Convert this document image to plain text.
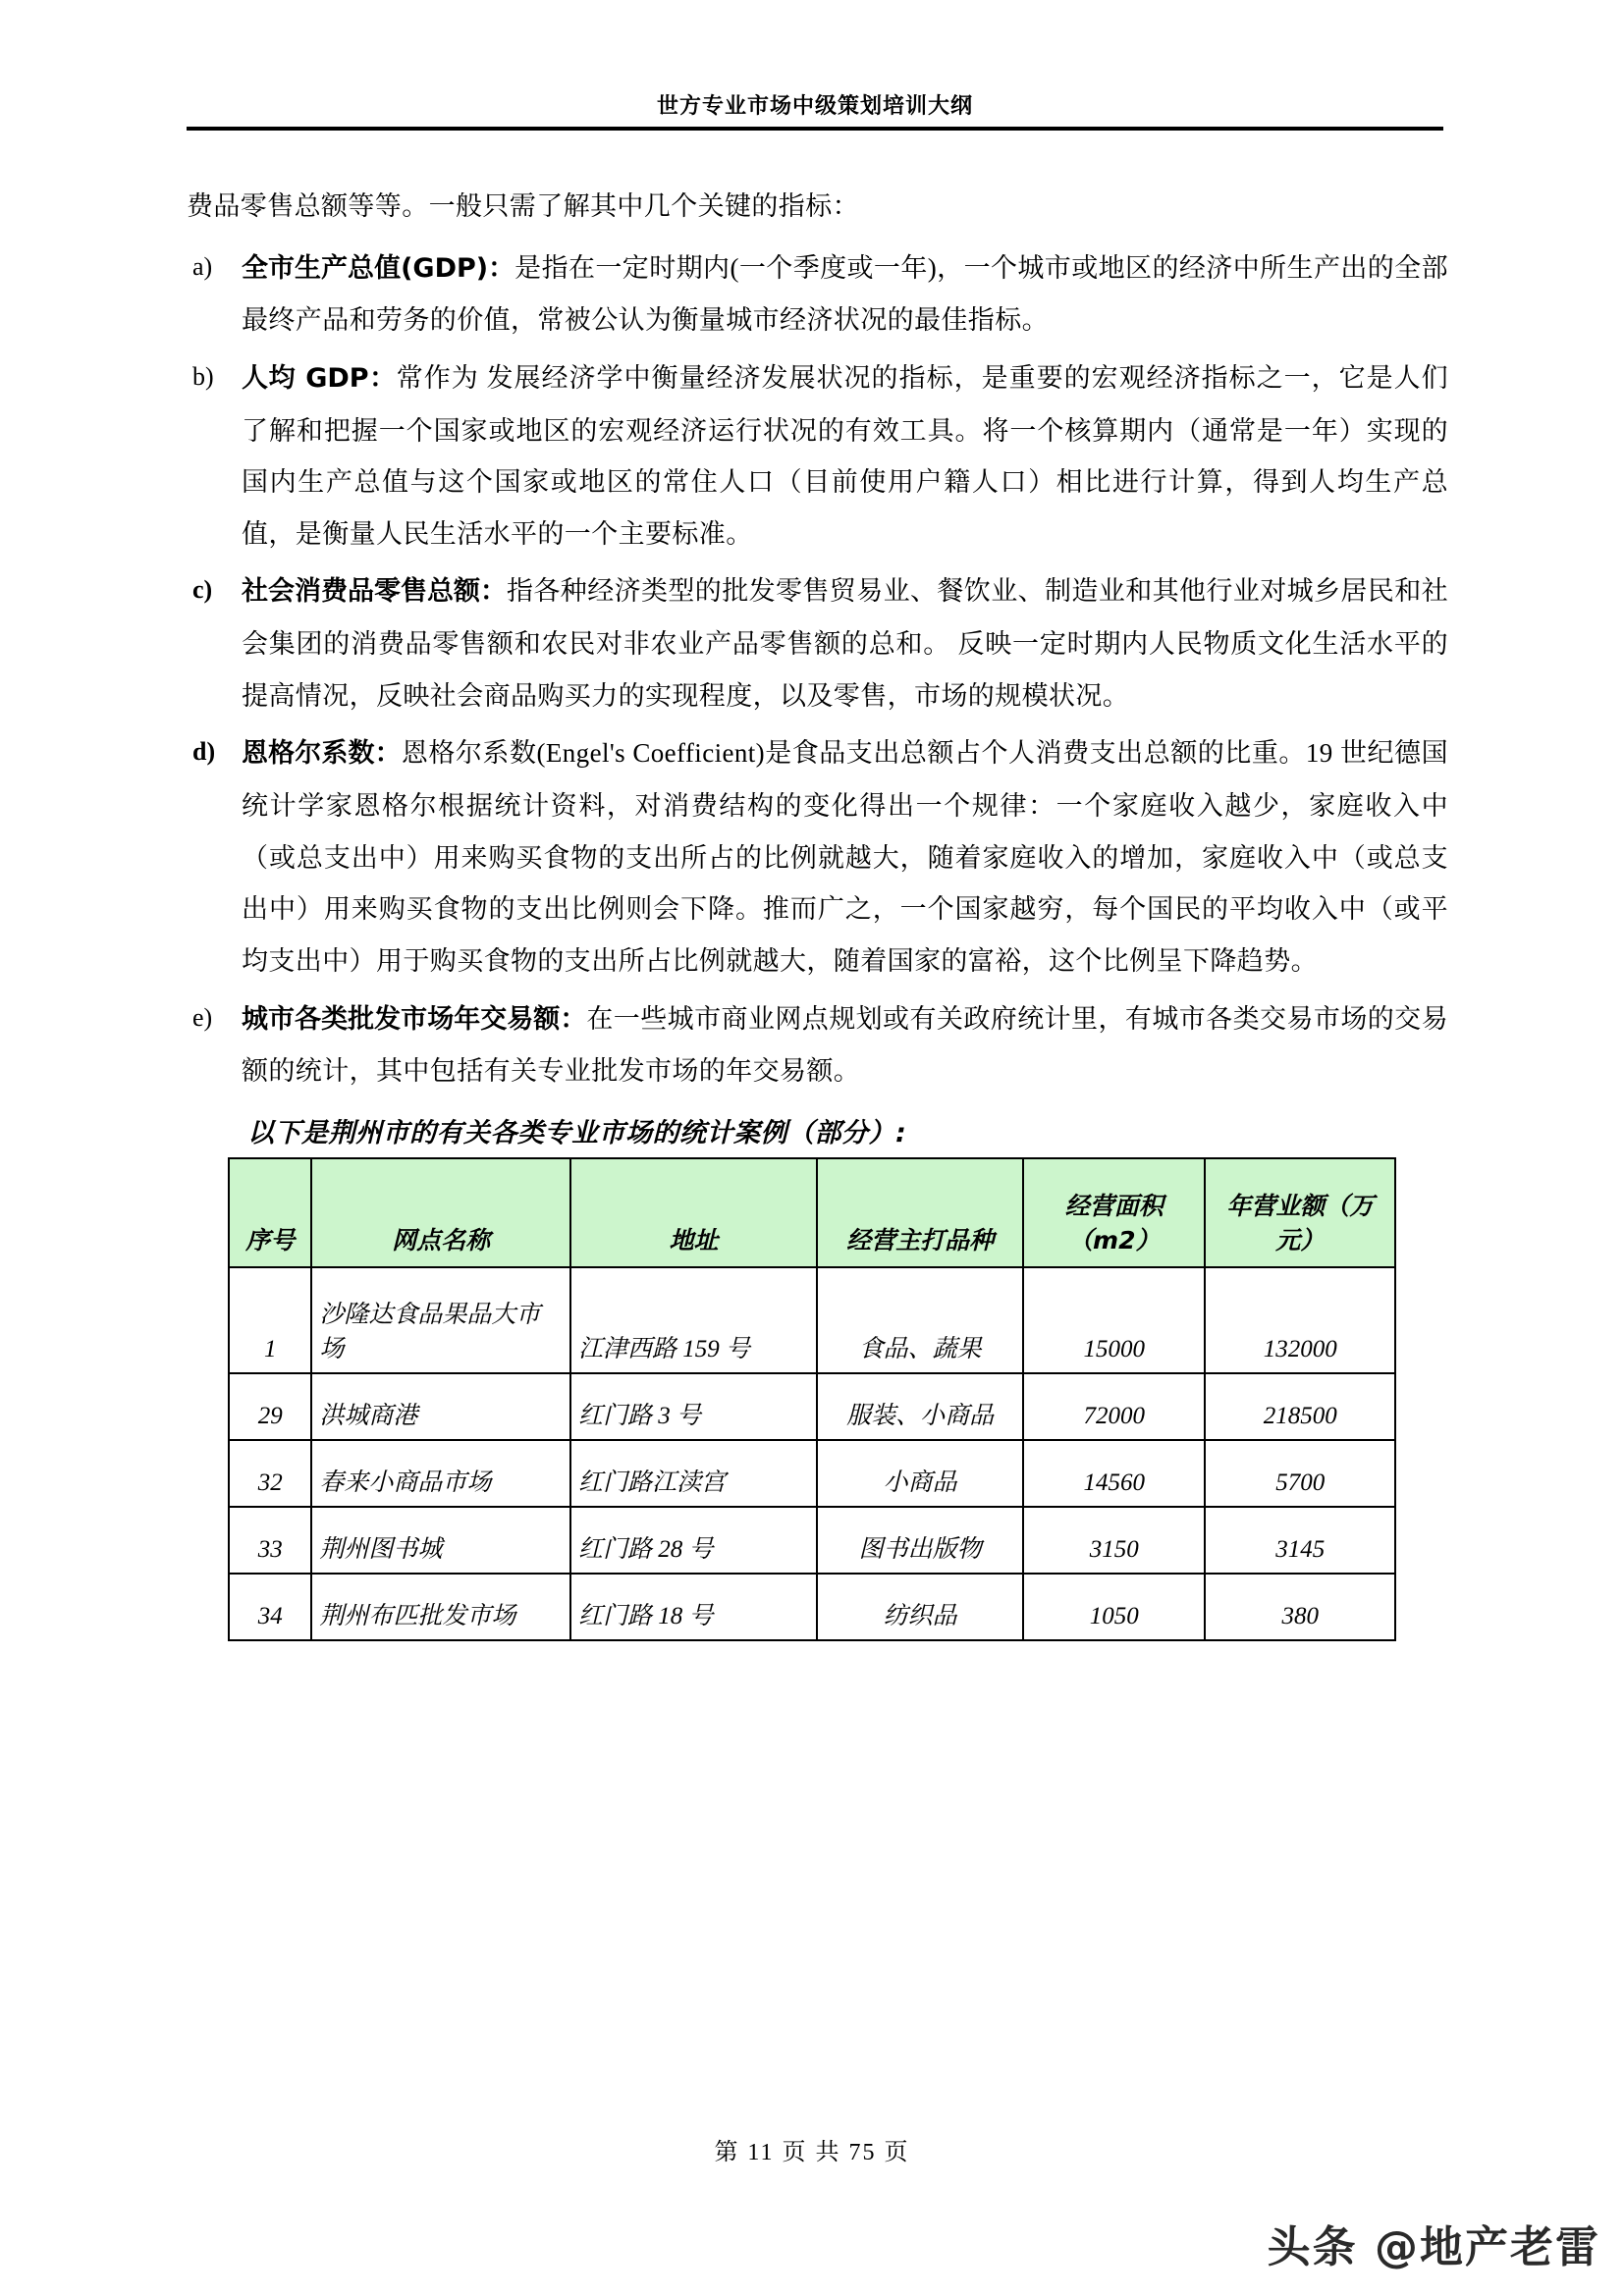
世方专业市场中级策划培训大纲

费品零售总额等等。一般只需了解其中几个关键的指标：

a)	全市生产总值(GDP)：是指在一定时期内(一个季度或一年)，一个城市或地区的经济中所生产出的全部最终产品和劳务的价值，常被公认为衡量城市经济状况的最佳指标。
b)	人均 GDP：常作为 发展经济学中衡量经济发展状况的指标，是重要的宏观经济指标之一，它是人们了解和把握一个国家或地区的宏观经济运行状况的有效工具。将一个核算期内（通常是一年）实现的国内生产总值与这个国家或地区的常住人口（目前使用户籍人口）相比进行计算，得到人均生产总值，是衡量人民生活水平的一个主要标准。
c)	社会消费品零售总额：指各种经济类型的批发零售贸易业、餐饮业、制造业和其他行业对城乡居民和社会集团的消费品零售额和农民对非农业产品零售额的总和。 反映一定时期内人民物质文化生活水平的提高情况，反映社会商品购买力的实现程度，以及零售，市场的规模状况。
d) 恩格尔系数：恩格尔系数(Engel's Coefficient)是食品支出总额占个人消费支出总额的比重。19 世纪德国统计学家恩格尔根据统计资料，对消费结构的变化得出一个规律：一个家庭收入越少，家庭收入中（或总支出中）用来购买食物的支出所占的比例就越大，随着家庭收入的增加，家庭收入中（或总支出中）用来购买食物的支出比例则会下降。推而广之，一个国家越穷，每个国民的平均收入中（或平均支出中）用于购买食物的支出所占比例就越大，随着国家的富裕，这个比例呈下降趋势。
e)	城市各类批发市场年交易额：在一些城市商业网点规划或有关政府统计里，有城市各类交易市场的交易额的统计，其中包括有关专业批发市场的年交易额。
以下是荆州市的有关各类专业市场的统计案例（部分）:
序号	网点名称	地址	经营主打品种	经营面积（m2）	年营业额（万元）
1	沙隆达食品果品大市场	江津西路 159 号	食品、蔬果	15000	132000
29	洪城商港	红门路 3 号	服装、小商品	72000	218500
32	春来小商品市场	红门路江渎宫	小商品	14560	5700
33	荆州图书城	红门路 28 号	图书出版物	3150	3145
34	荆州布匹批发市场	红门路 18 号	纺织品	1050	380
第 11 页 共 75 页
头条 @地产老雷
